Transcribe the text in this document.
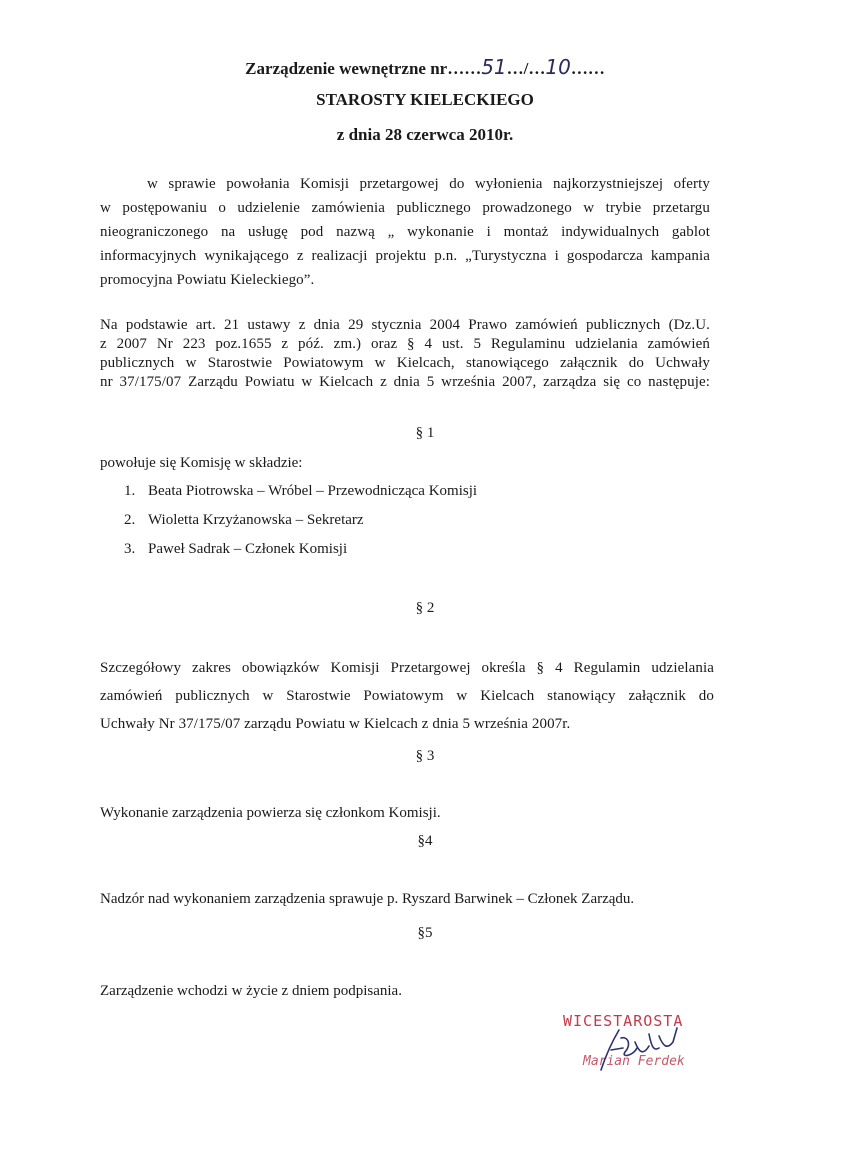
Zarządzenie wewnętrzne nr……51…/…10……
STAROSTY KIELECKIEGO
z dnia 28 czerwca 2010r.
w sprawie powołania Komisji przetargowej do wyłonienia najkorzystniejszej oferty
w postępowaniu o udzielenie zamówienia publicznego prowadzonego w trybie przetargu
nieograniczonego na usługę pod nazwą „ wykonanie i montaż indywidualnych gablot
informacyjnych wynikającego z realizacji projektu p.n. „Turystyczna i gospodarcza kampania
promocyjna Powiatu Kieleckiego”.
Na podstawie art. 21 ustawy z dnia 29 stycznia 2004 Prawo zamówień publicznych (Dz.U.
z 2007 Nr 223 poz.1655 z póź. zm.) oraz § 4 ust. 5 Regulaminu udzielania zamówień
publicznych w Starostwie Powiatowym w Kielcach, stanowiącego załącznik do Uchwały
nr 37/175/07 Zarządu Powiatu w Kielcach z dnia 5 września 2007, zarządza się co następuje:
§ 1
powołuje się Komisję w składzie:
1. Beata Piotrowska – Wróbel – Przewodnicząca Komisji
2. Wioletta Krzyżanowska – Sekretarz
3. Paweł Sadrak – Członek Komisji
§ 2
Szczegółowy zakres obowiązków Komisji Przetargowej określa § 4 Regulamin udzielania
zamówień publicznych w Starostwie Powiatowym w Kielcach stanowiący załącznik do
Uchwały Nr 37/175/07 zarządu Powiatu w Kielcach z dnia 5 września 2007r.
§ 3
Wykonanie zarządzenia powierza się członkom Komisji.
§4
Nadzór nad wykonaniem zarządzenia sprawuje p. Ryszard Barwinek – Członek Zarządu.
§5
Zarządzenie wchodzi w życie z dniem podpisania.
WICESTAROSTA
Marian Ferdek
